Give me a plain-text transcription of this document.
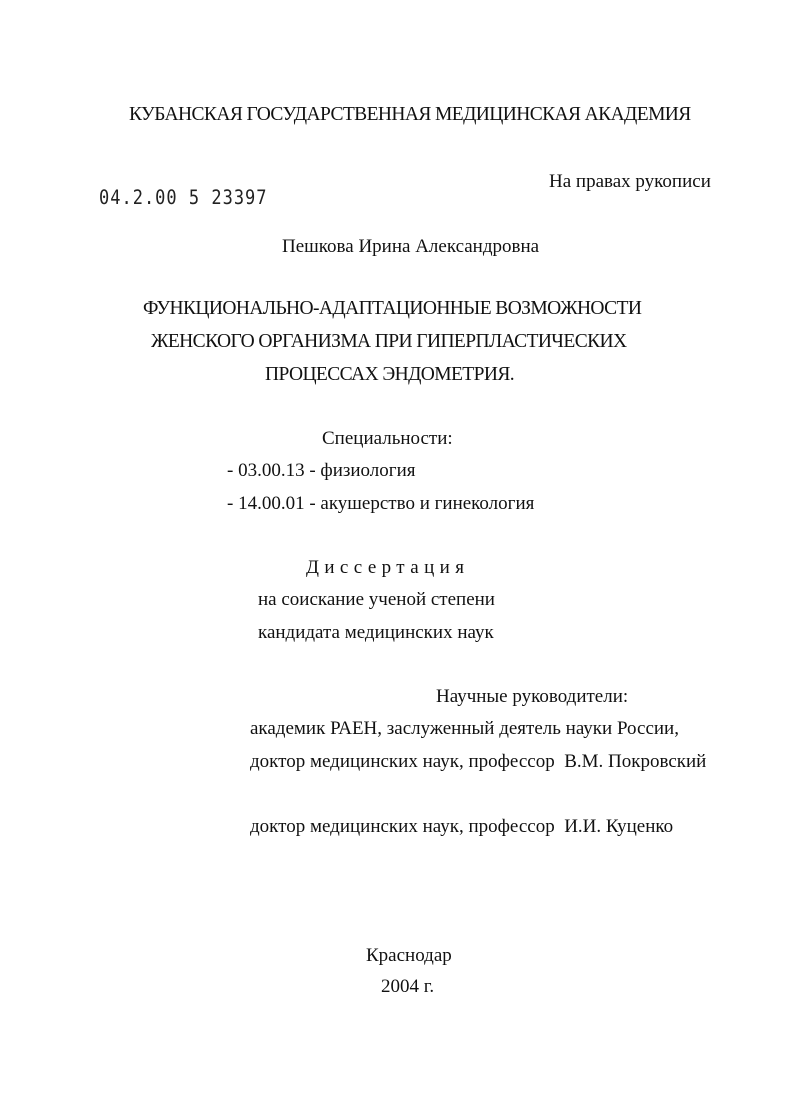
КУБАНСКАЯ ГОСУДАРСТВЕННАЯ МЕДИЦИНСКАЯ АКАДЕМИЯ
На правах рукописи
04.2.00 5 23397
Пешкова Ирина Александровна
ФУНКЦИОНАЛЬНО-АДАПТАЦИОННЫЕ ВОЗМОЖНОСТИ
ЖЕНСКОГО ОРГАНИЗМА ПРИ ГИПЕРПЛАСТИЧЕСКИХ
ПРОЦЕССАХ ЭНДОМЕТРИЯ.
Специальности:
- 03.00.13 - физиология
- 14.00.01 - акушерство и гинекология
Диссертация
на соискание ученой степени
кандидата медицинских наук
Научные руководители:
академик РАЕН, заслуженный деятель науки России,
доктор медицинских наук, профессор  В.М. Покровский
доктор медицинских наук, профессор  И.И. Куценко
Краснодар
2004 г.
